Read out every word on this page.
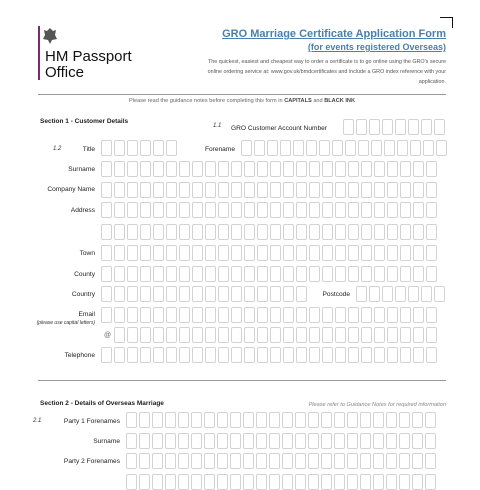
HM Passport
Office
GRO Marriage Certificate Application Form
(for events registered Overseas)
The quickest, easiest and cheapest way to order a certificate is to go online using the GRO's secure online ordering service at: www.gov.uk/bmdcertificates and include a GRO index reference with your application.
Please read the guidance notes before completing this form in CAPITALS and BLACK INK
Section 1 - Customer Details
1.1 GRO Customer Account Number
1.2	Title	Forename
Surname
Company Name
Address
Town
County
Country	Postcode
Email
(please use capital letters)
@
Telephone
Section 2 - Details of Overseas Marriage	Please refer to Guidance Notes for required information
2.1	Party 1 Forenames
Surname
Party 2 Forenames
